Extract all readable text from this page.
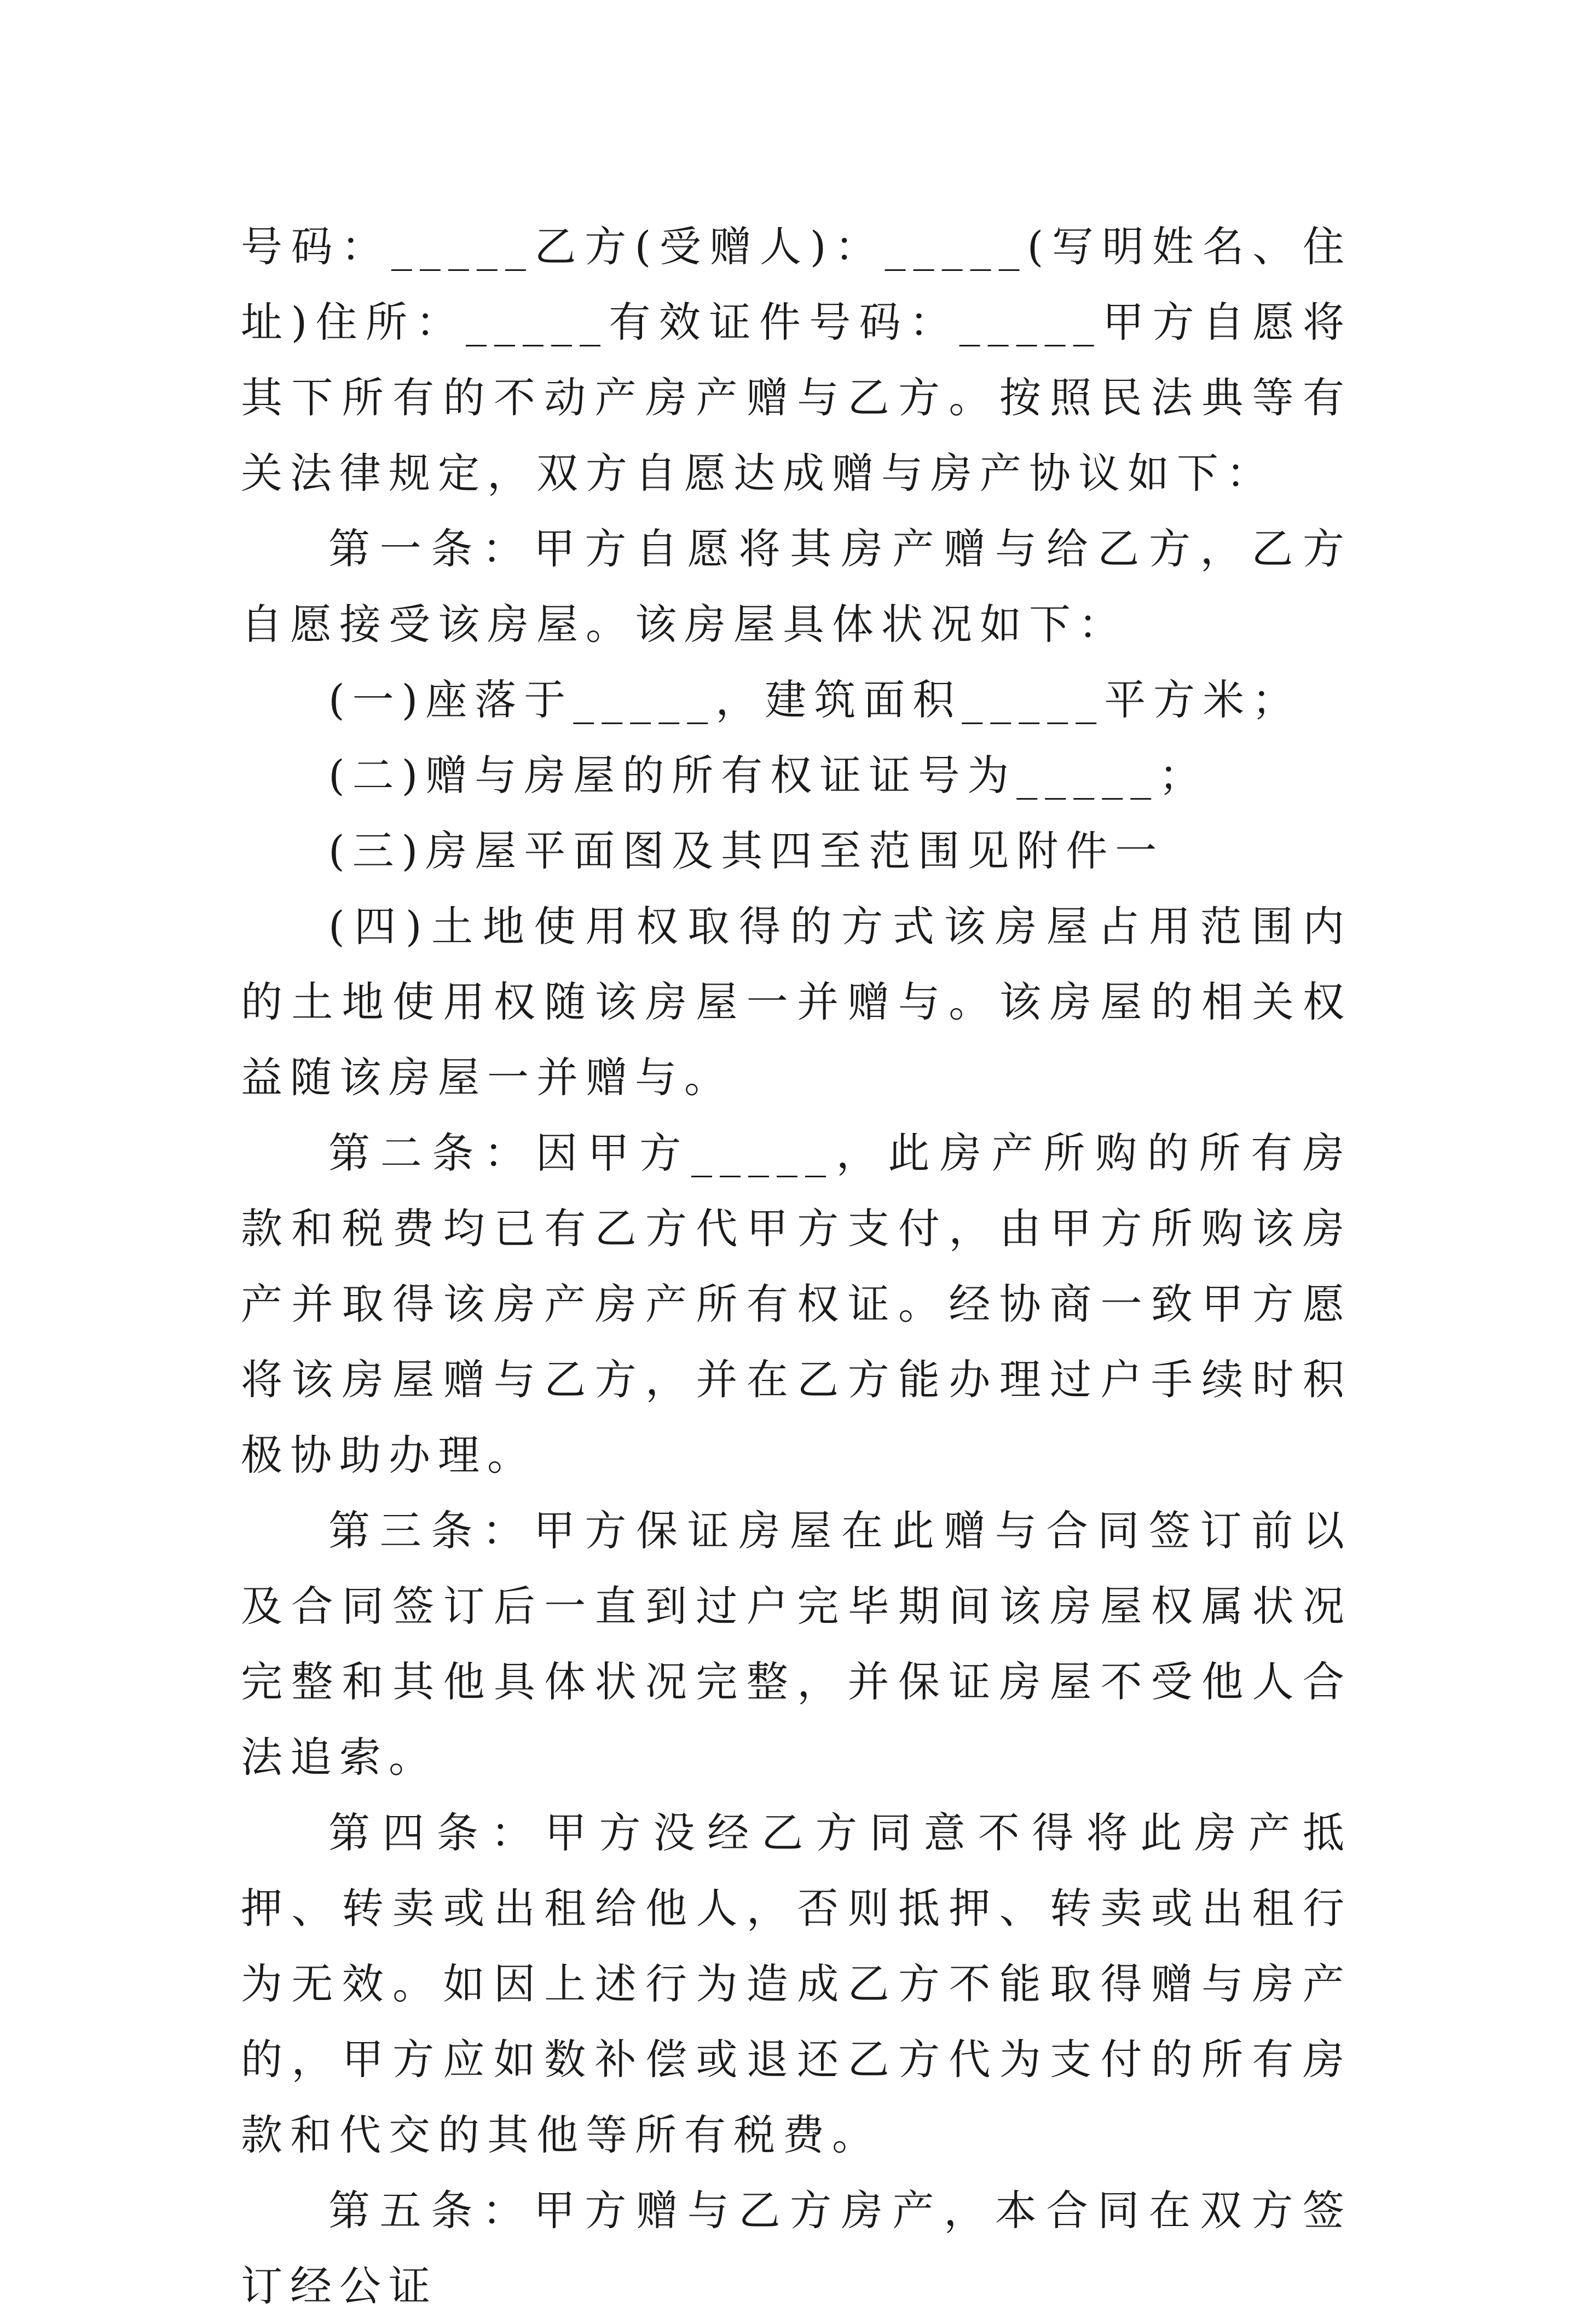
号码：_____乙方(受赠人)：_____(写明姓名、住址)住所：_____有效证件号码：_____甲方自愿将其下所有的不动产房产赠与乙方。按照民法典等有关法律规定，双方自愿达成赠与房产协议如下：

第一条：甲方自愿将其房产赠与给乙方，乙方自愿接受该房屋。该房屋具体状况如下：

(一)座落于_____，建筑面积_____平方米；

(二)赠与房屋的所有权证证号为_____；

(三)房屋平面图及其四至范围见附件一

(四)土地使用权取得的方式该房屋占用范围内的土地使用权随该房屋一并赠与。该房屋的相关权益随该房屋一并赠与。

第二条：因甲方_____，此房产所购的所有房款和税费均已有乙方代甲方支付，由甲方所购该房产并取得该房产房产所有权证。经协商一致甲方愿将该房屋赠与乙方，并在乙方能办理过户手续时积极协助办理。

第三条：甲方保证房屋在此赠与合同签订前以及合同签订后一直到过户完毕期间该房屋权属状况完整和其他具体状况完整，并保证房屋不受他人合法追索。

第四条：甲方没经乙方同意不得将此房产抵押、转卖或出租给他人，否则抵押、转卖或出租行为无效。如因上述行为造成乙方不能取得赠与房产的，甲方应如数补偿或退还乙方代为支付的所有房款和代交的其他等所有税费。

第五条：甲方赠与乙方房产，本合同在双方签订经公证
